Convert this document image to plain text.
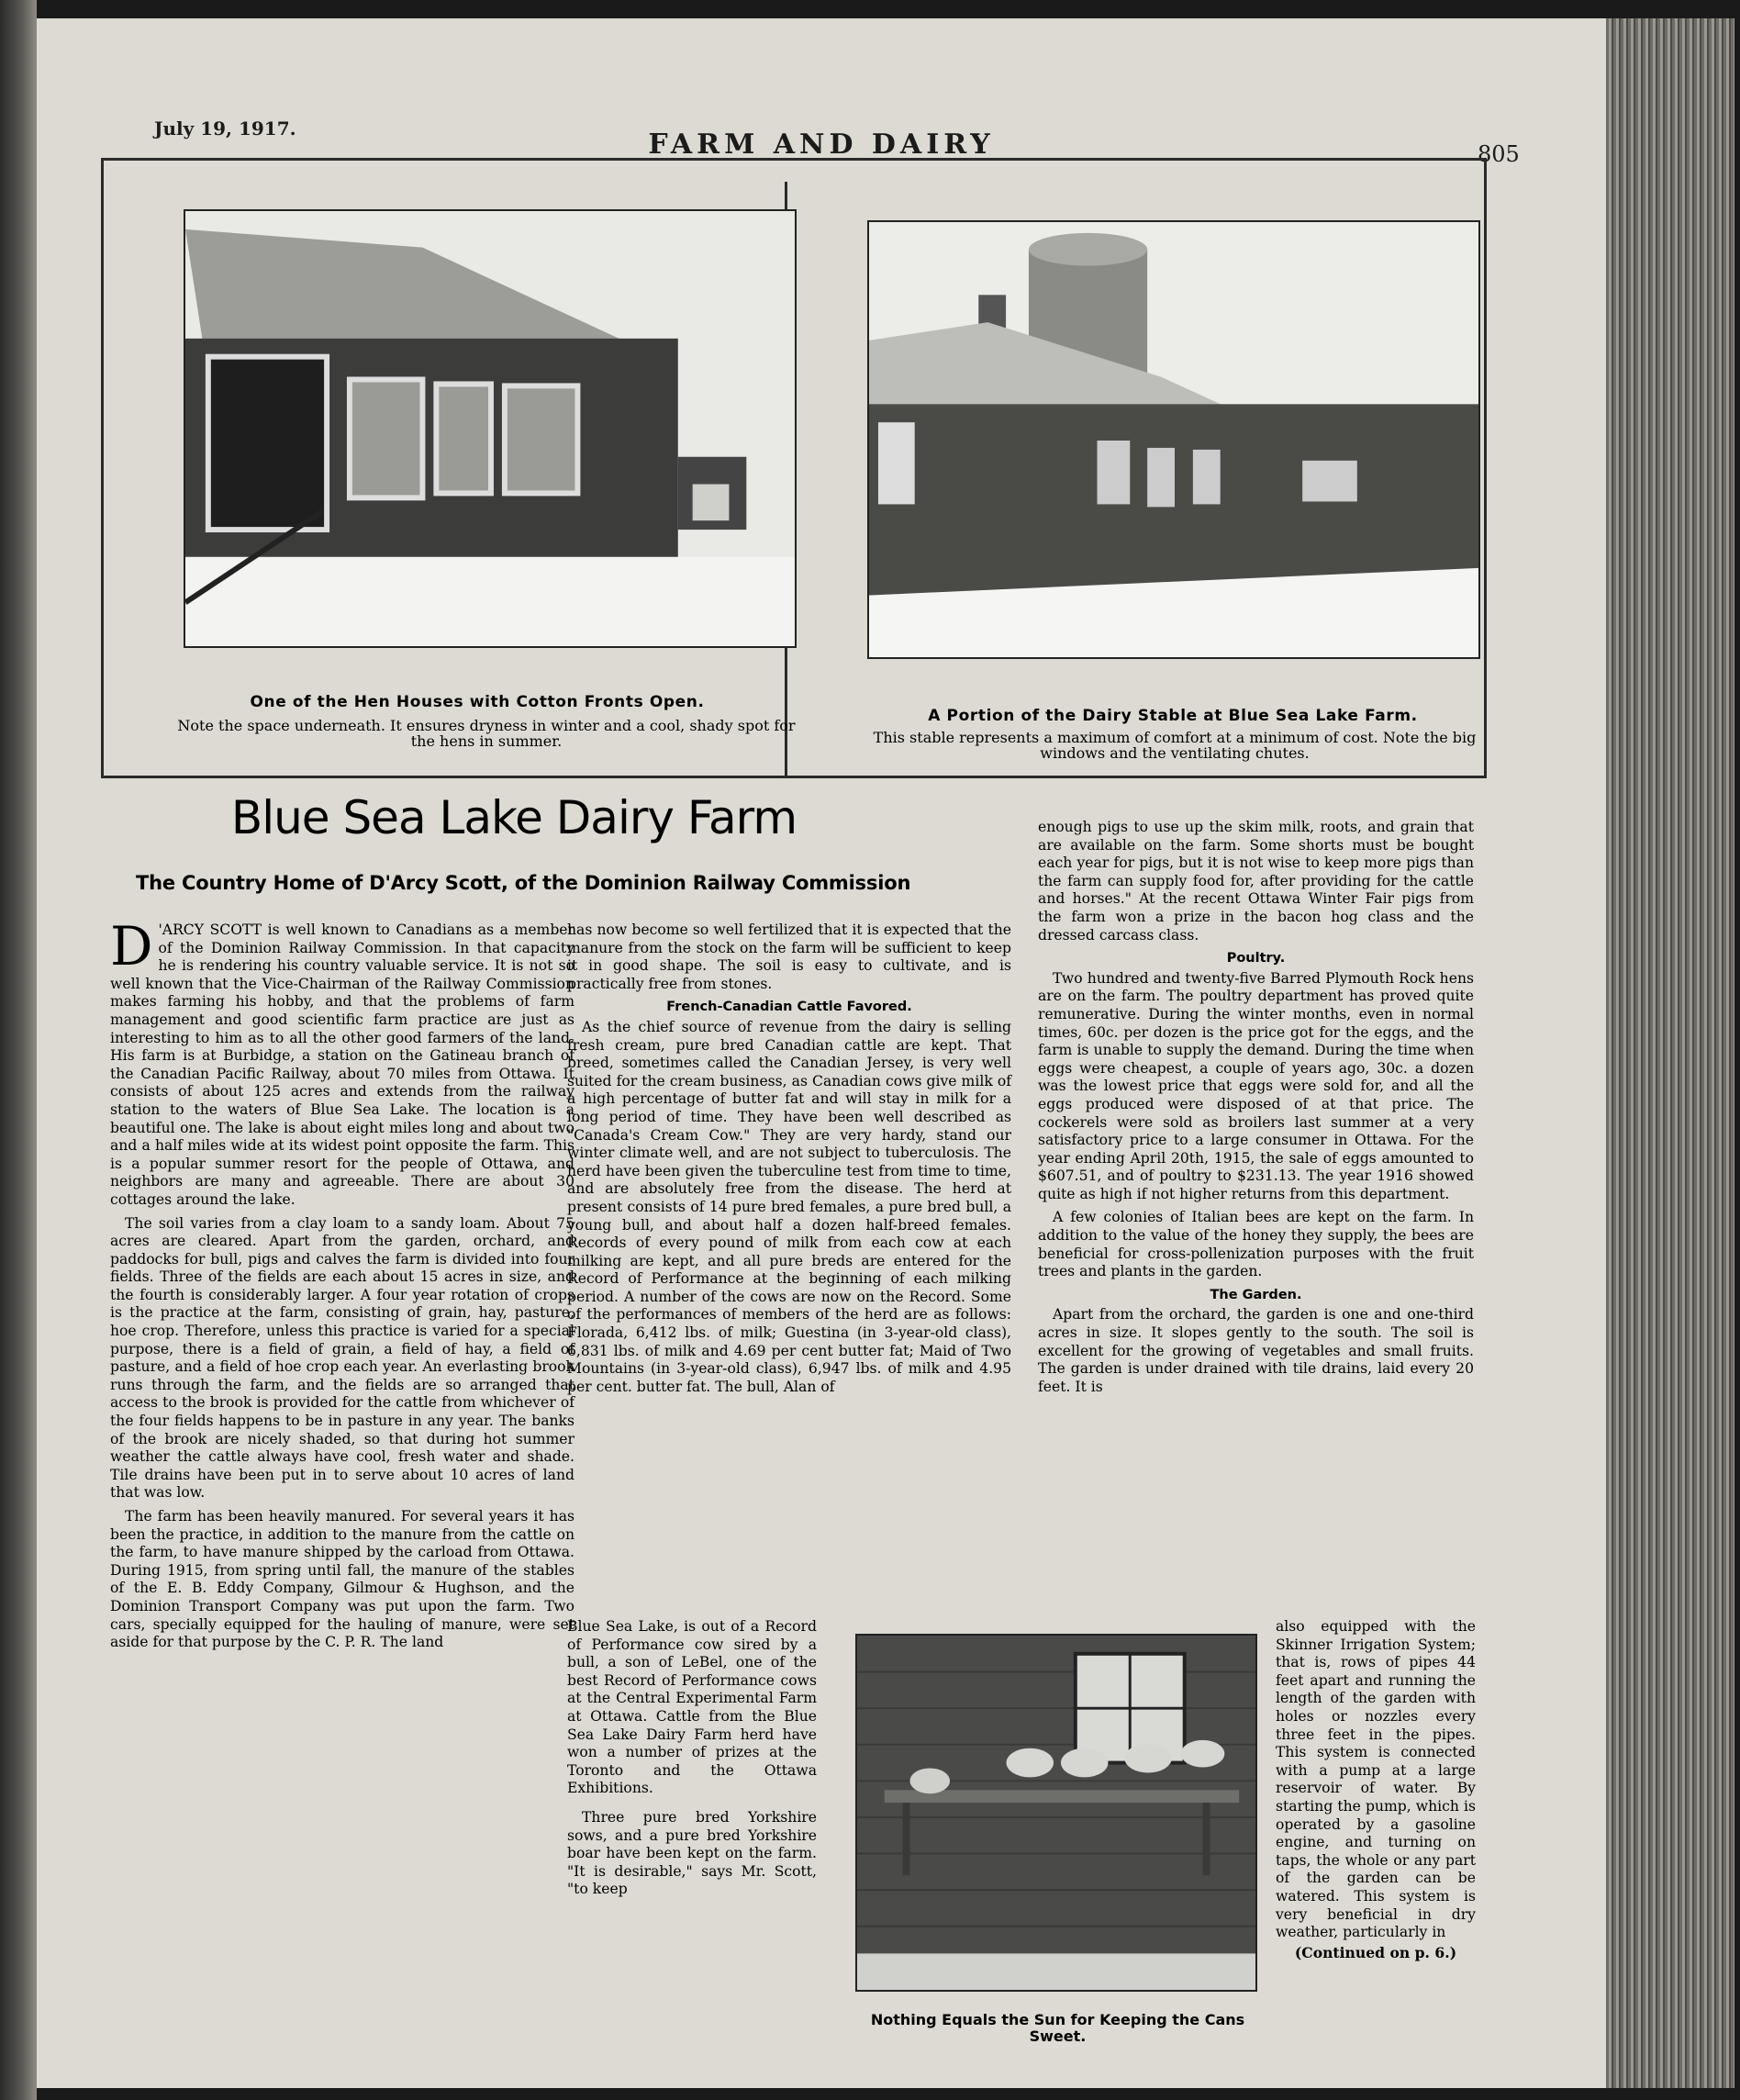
July 19, 1917.	FARM AND DAIRY	805
One of the Hen Houses with Cotton Fronts Open.
Note the space underneath. It ensures dryness in winter and a cool, shady spot for the hens in summer.
A Portion of the Dairy Stable at Blue Sea Lake Farm.
This stable represents a maximum of comfort at a minimum of cost. Note the big windows and the ventilating chutes.
Blue Sea Lake Dairy Farm
The Country Home of D'Arcy Scott, of the Dominion Railway Commission

D 'ARCY SCOTT is well known to Canadians as a member of the Dominion Railway Commission. In that capacity he is rendering his country valuable service. It is not so well known that the Vice-Chairman of the Railway Commission makes farming his hobby, and that the problems of farm management and good scientific farm practice are just as interesting to him as to all the other good farmers of the land. His farm is at Burbidge, a station on the Gatineau branch of the Canadian Pacific Railway, about 70 miles from Ottawa. It consists of about 125 acres and extends from the railway station to the waters of Blue Sea Lake. The location is a beautiful one. The lake is about eight miles long and about two and a half miles wide at its widest point opposite the farm. This is a popular summer resort for the people of Ottawa, and neighbors are many and agreeable. There are about 30 cottages around the lake.

The soil varies from a clay loam to a sandy loam. About 75 acres are cleared. Apart from the garden, orchard, and paddocks for bull, pigs and calves the farm is divided into four fields. Three of the fields are each about 15 acres in size, and the fourth is considerably larger. A four year rotation of crops is the practice at the farm, consisting of grain, hay, pasture, hoe crop. Therefore, unless this practice is varied for a special purpose, there is a field of grain, a field of hay, a field of pasture, and a field of hoe crop each year. An everlasting brook runs through the farm, and the fields are so arranged that access to the brook is provided for the cattle from whichever of the four fields happens to be in pasture in any year. The banks of the brook are nicely shaded, so that during hot summer weather the cattle always have cool, fresh water and shade. Tile drains have been put in to serve about 10 acres of land that was low.

The farm has been heavily manured. For several years it has been the practice, in addition to the manure from the cattle on the farm, to have manure shipped by the carload from Ottawa. During 1915, from spring until fall, the manure of the stables of the E. B. Eddy Company, Gilmour & Hughson, and the Dominion Transport Company was put upon the farm. Two cars, specially equipped for the hauling of manure, were set aside for that purpose by the C. P. R. The land

has now become so well fertilized that it is expected that the manure from the stock on the farm will be sufficient to keep it in good shape. The soil is easy to cultivate, and is practically free from stones.

French-Canadian Cattle Favored.

As the chief source of revenue from the dairy is selling fresh cream, pure bred Canadian cattle are kept. That breed, sometimes called the Canadian Jersey, is very well suited for the cream business, as Canadian cows give milk of a high percentage of butter fat and will stay in milk for a long period of time. They have been well described as "Canada's Cream Cow." They are very hardy, stand our winter climate well, and are not subject to tuberculosis. The herd have been given the tuberculine test from time to time, and are absolutely free from the disease. The herd at present consists of 14 pure bred females, a pure bred bull, a young bull, and about half a dozen half-breed females. Records of every pound of milk from each cow at each milking are kept, and all pure breds are entered for the Record of Performance at the beginning of each milking period. A number of the cows are now on the Record. Some of the performances of members of the herd are as follows: Florada, 6,412 lbs. of milk; Guestina (in 3-year-old class), 6,831 lbs. of milk and 4.69 per cent butter fat; Maid of Two Mountains (in 3-year-old class), 6,947 lbs. of milk and 4.95 per cent. butter fat. The bull, Alan of

Blue Sea Lake, is out of a Record of Performance cow sired by a bull, a son of LeBel, one of the best Record of Performance cows at the Central Experimental Farm at Ottawa. Cattle from the Blue Sea Lake Dairy Farm herd have won a number of prizes at the Toronto and the Ottawa Exhibitions.

Three pure bred Yorkshire sows, and a pure bred Yorkshire boar have been kept on the farm. "It is desirable," says Mr. Scott, "to keep

enough pigs to use up the skim milk, roots, and grain that are available on the farm. Some shorts must be bought each year for pigs, but it is not wise to keep more pigs than the farm can supply food for, after providing for the cattle and horses." At the recent Ottawa Winter Fair pigs from the farm won a prize in the bacon hog class and the dressed carcass class.

Poultry.

Two hundred and twenty-five Barred Plymouth Rock hens are on the farm. The poultry department has proved quite remunerative. During the winter months, even in normal times, 60c. per dozen is the price got for the eggs, and the farm is unable to supply the demand. During the time when eggs were cheapest, a couple of years ago, 30c. a dozen was the lowest price that eggs were sold for, and all the eggs produced were disposed of at that price. The cockerels were sold as broilers last summer at a very satisfactory price to a large consumer in Ottawa. For the year ending April 20th, 1915, the sale of eggs amounted to $607.51, and of poultry to $231.13. The year 1916 showed quite as high if not higher returns from this department.

A few colonies of Italian bees are kept on the farm. In addition to the value of the honey they supply, the bees are beneficial for cross-pollenization purposes with the fruit trees and plants in the garden.

The Garden.

Apart from the orchard, the garden is one and one-third acres in size. It slopes gently to the south. The soil is excellent for the growing of vegetables and small fruits. The garden is under drained with tile drains, laid every 20 feet. It is

also equipped with the Skinner Irrigation System; that is, rows of pipes 44 feet apart and running the length of the garden with holes or nozzles every three feet in the pipes. This system is connected with a pump at a large reservoir of water. By starting the pump, which is operated by a gasoline engine, and turning on taps, the whole or any part of the garden can be watered. This system is very beneficial in dry weather, particularly in

(Continued on p. 6.)
Nothing Equals the Sun for Keeping the Cans Sweet.
